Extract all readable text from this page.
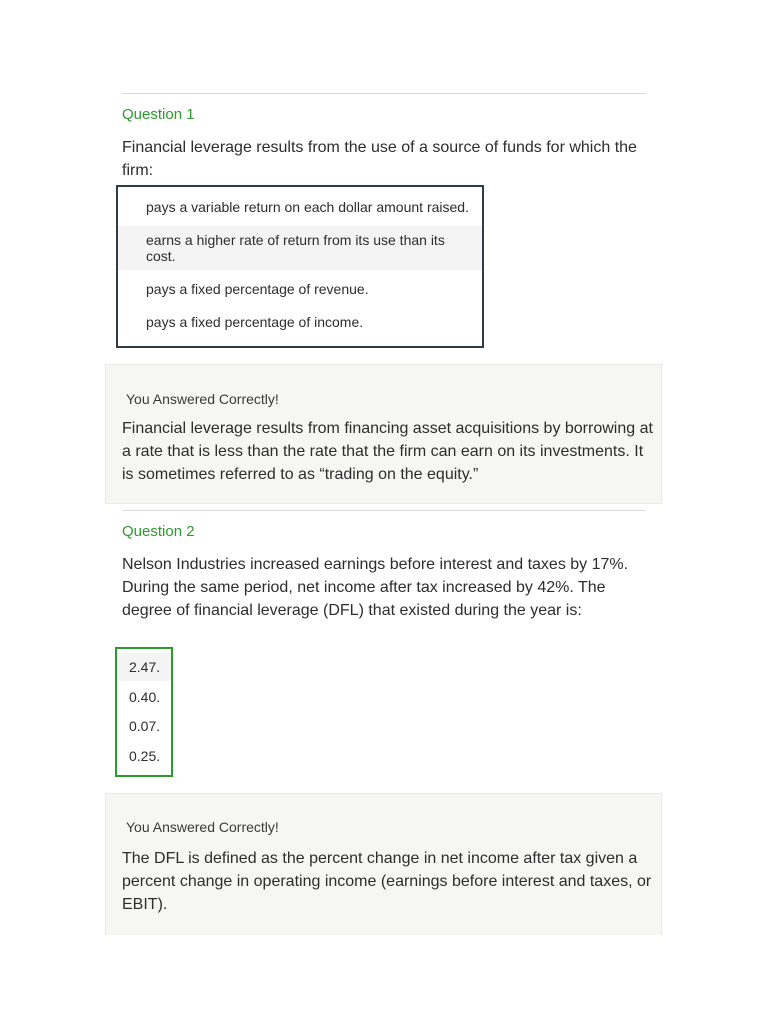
Question 1
Financial leverage results from the use of a source of funds for which the firm:
pays a variable return on each dollar amount raised.
earns a higher rate of return from its use than its cost.
pays a fixed percentage of revenue.
pays a fixed percentage of income.
You Answered Correctly!
Financial leverage results from financing asset acquisitions by borrowing at a rate that is less than the rate that the firm can earn on its investments. It is sometimes referred to as “trading on the equity.”
Question 2
Nelson Industries increased earnings before interest and taxes by 17%. During the same period, net income after tax increased by 42%. The degree of financial leverage (DFL) that existed during the year is:
2.47.
0.40.
0.07.
0.25.
You Answered Correctly!
The DFL is defined as the percent change in net income after tax given a percent change in operating income (earnings before interest and taxes, or EBIT).
